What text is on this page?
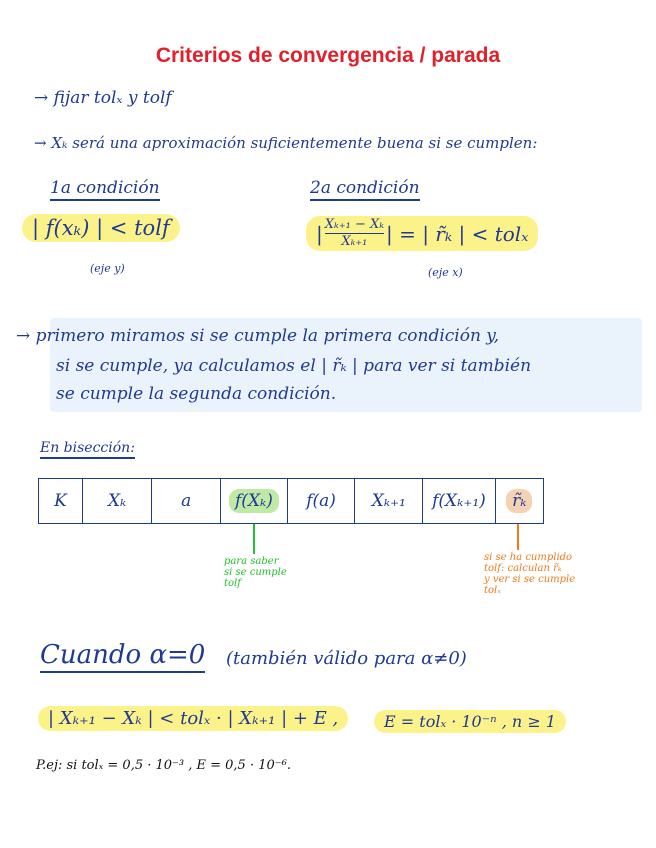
Criterios de convergencia / parada
→ fijar tolₓ y tolf
→ Xₖ será una aproximación suficientemente buena si se cumplen:
1a condición	2a condición
| f(xₖ) | < tolf
(eje y)
| $\frac{\text{Xₖ₊₁ − Xₖ}}{\text{Xₖ₊₁}}$ | = | r̃ₖ | < tolₓ
(eje x)
→ primero miramos si se cumple la primera condición y,
si se cumple, ya calculamos el | r̃ₖ | para ver si también
se cumple la segunda condición.
En bisección:
K	Xₖ	a	f(Xₖ)	f(a)	Xₖ₊₁	f(Xₖ₊₁)	r̃ₖ
para saber
si se cumple
tolf
si se ha cumplido
tolf: calculan r̃ₖ
y ver si se cumple
tolₓ
Cuando α=0 (también válido para α≠0)
| Xₖ₊₁ − Xₖ | < tolₓ · | Xₖ₊₁ | + E ,	E = tolₓ · 10⁻ⁿ , n ≥ 1
P.ej: si tolₓ = 0,5 · 10⁻³ , E = 0,5 · 10⁻⁶.
